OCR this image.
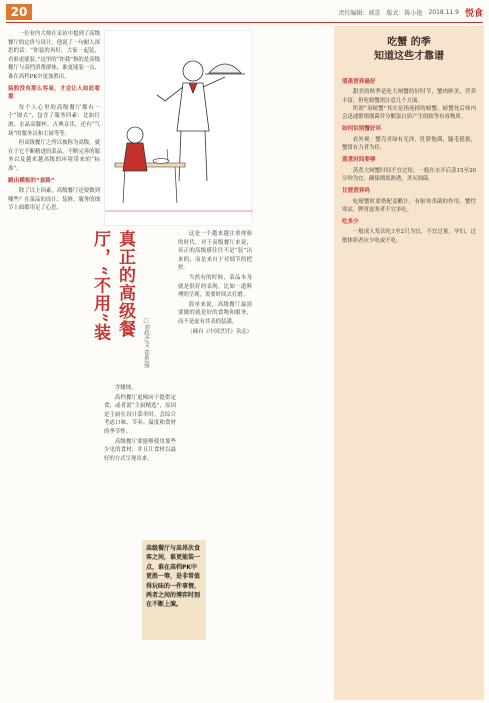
20	责任编辑：郭喜 版式：陈小艳 2018.11.9 悦食

一位业内大师在采访中提到了高级餐厅的定价与设计。他说了一句耐人深思的话：“你装的再好，大家一起装，看谁更能装。”这里的“你我”指的是高级餐厅与高档消费群体，谁更能装一点，谁在高档PK中更加胜出。

装腔没有那么容易，才会让人如此看重

每个人心里的高级餐厅都有一个“图式”，包含了服务四素：比如红酒、水晶高脚杯、古典音乐，还有“气场”的服务员和主厨等等。

但高级餐厅之所以被称为高级，就在于它不断精进的菜品，不断完善的服务以及越来越高级的环境带来的“标准”。

跳出模板的“套路”

除了以上因素，高级餐厅还要做到哪些？在菜品的设计、装修、服务的细节上面都用足了心思。

真正的高级餐厅，“不用”装
□刘政齐/文 郑莉/图

含蜡烛。

高档餐厅更倾向于提供定食，或者说“主厨精选”，原因是主厨在设计菜单时，会综合考虑口味、节奏、温度和食材的季节性。

高级餐厅要能够使用那些少见的食材，并且让食材以最好的方式呈现出来。

这是一个越来越注重体验的时代。对于高级餐厅来说，真正的高级感往往不是“装”出来的，而是来自于对细节的把控。

当然有的时候，菜品本身就是很好的表现。比如一道料理的呈现，需要时间去打磨。

简单来说，高级餐厅最需要做的就是好的食物和服务，而不是虚有其表的装潢。

（摘自《中国烹饪》杂志）

高级餐厅与高昂次食客之间，谁更能装一点，谁在高档PK中更胜一筹，是非常值得玩味的一件事情，两者之间的博弈时刻在不断上演。
吃蟹 的季
知道这些才靠谱
清蒸营养最好

甜美的秋季是吃大闸蟹的好时节，蟹肉鲜美，营养丰富。但吃螃蟹需注意几个方面。

所谓“毒螃蟹”其实是指死掉的螃蟹。螃蟹死后体内会迅速繁殖细菌并分解蛋白质产生组胺等有毒物质。

如何识别蟹好坏

看外观：蟹壳青绿有光泽，肚脐饱满，腿毛挺拔，蟹钳有力者为佳。

蒸煮时间要够

蒸煮大闸蟹时间不宜过短，一般在水开后蒸15至20分钟为宜，确保彻底熟透，杀灭细菌。

甘蔗营养吗

吃螃蟹时要搭配姜醋汁，有驱寒杀菌的作用。蟹性寒凉，脾胃虚寒者不宜多吃。

吃多少

一般成人每次吃1至2只为宜，不宜过量。孕妇、过敏体质者应少吃或不吃。
